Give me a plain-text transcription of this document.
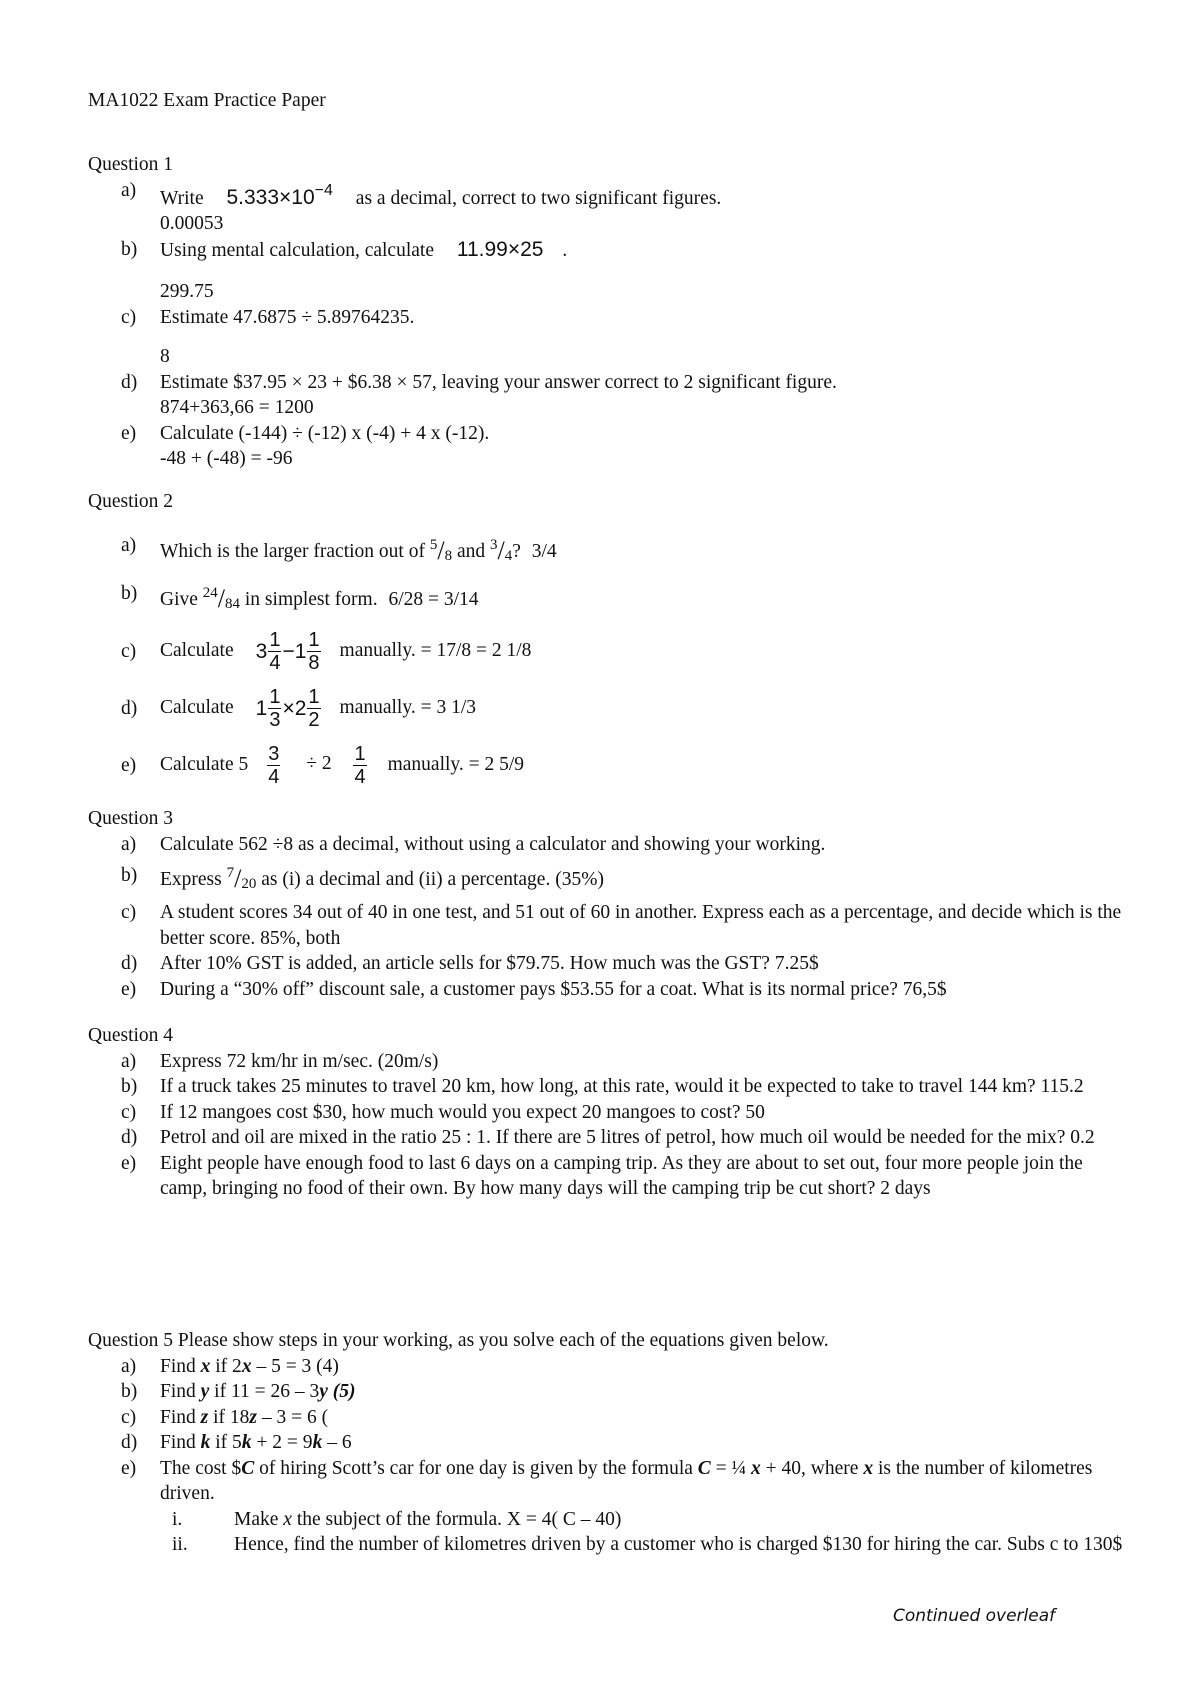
MA1022 Exam Practice Paper
Question 1
a) Write $5.333\times 10^{-4}$ as a decimal, correct to two significant figures.
0.00053
b) Using mental calculation, calculate 11.99×25 .
299.75
c) Estimate 47.6875 ÷ 5.89764235.
8
d) Estimate $37.95 × 23 + $6.38 × 57, leaving your answer correct to 2 significant figure.
874+363,66 = 1200
e) Calculate (-144) ÷ (-12) x (-4) + 4 x (-12).
-48 + (-48) = -96
Question 2
a) Which is the larger fraction out of $^5$/8 and $^3$/4? 3/4
b) Give $^{24}$/84 in simplest form. 6/28 = 3/14
c) Calculate $3 \frac{1}{4} -1 \frac{1}{8}$ manually. = 17/8 = 2 1/8
d) Calculate $1 \frac{1}{3} \times 2 \frac{1}{2}$ manually. = 3 1/3
e) Calculate $5 \frac{3}{4} \div 2 \frac{1}{4}$ manually. = 2 5/9
Question 3
a) Calculate 562 ÷8 as a decimal, without using a calculator and showing your working.
b) Express $^7$/20 as (i) a decimal and (ii) a percentage. (35%)
c) A student scores 34 out of 40 in one test, and 51 out of 60 in another. Express each as a percentage, and decide which is the better score. 85%, both
d) After 10% GST is added, an article sells for $79.75. How much was the GST? 7.25$
e) During a “30% off” discount sale, a customer pays $53.55 for a coat. What is its normal price? 76,5$
Question 4
a) Express 72 km/hr in m/sec. (20m/s)
b) If a truck takes 25 minutes to travel 20 km, how long, at this rate, would it be expected to take to travel 144 km? 115.2
c) If 12 mangoes cost $30, how much would you expect 20 mangoes to cost? 50
d) Petrol and oil are mixed in the ratio 25 : 1. If there are 5 litres of petrol, how much oil would be needed for the mix? 0.2
e) Eight people have enough food to last 6 days on a camping trip. As they are about to set out, four more people join the camp, bringing no food of their own. By how many days will the camping trip be cut short? 2 days
Question 5 Please show steps in your working, as you solve each of the equations given below.
a) Find x if 2x – 5 = 3 (4)
b) Find y if 11 = 26 – 3y (5)
c) Find z if 18z – 3 = 6 (
d) Find k if 5k + 2 = 9k – 6
e) The cost $C of hiring Scott’s car for one day is given by the formula C = ¼ x + 40, where x is the number of kilometres driven.
i.	Make x the subject of the formula. X = 4( C – 40)
ii. Hence, find the number of kilometres driven by a customer who is charged $130 for hiring the car. Subs c to 130$
Continued overleaf
